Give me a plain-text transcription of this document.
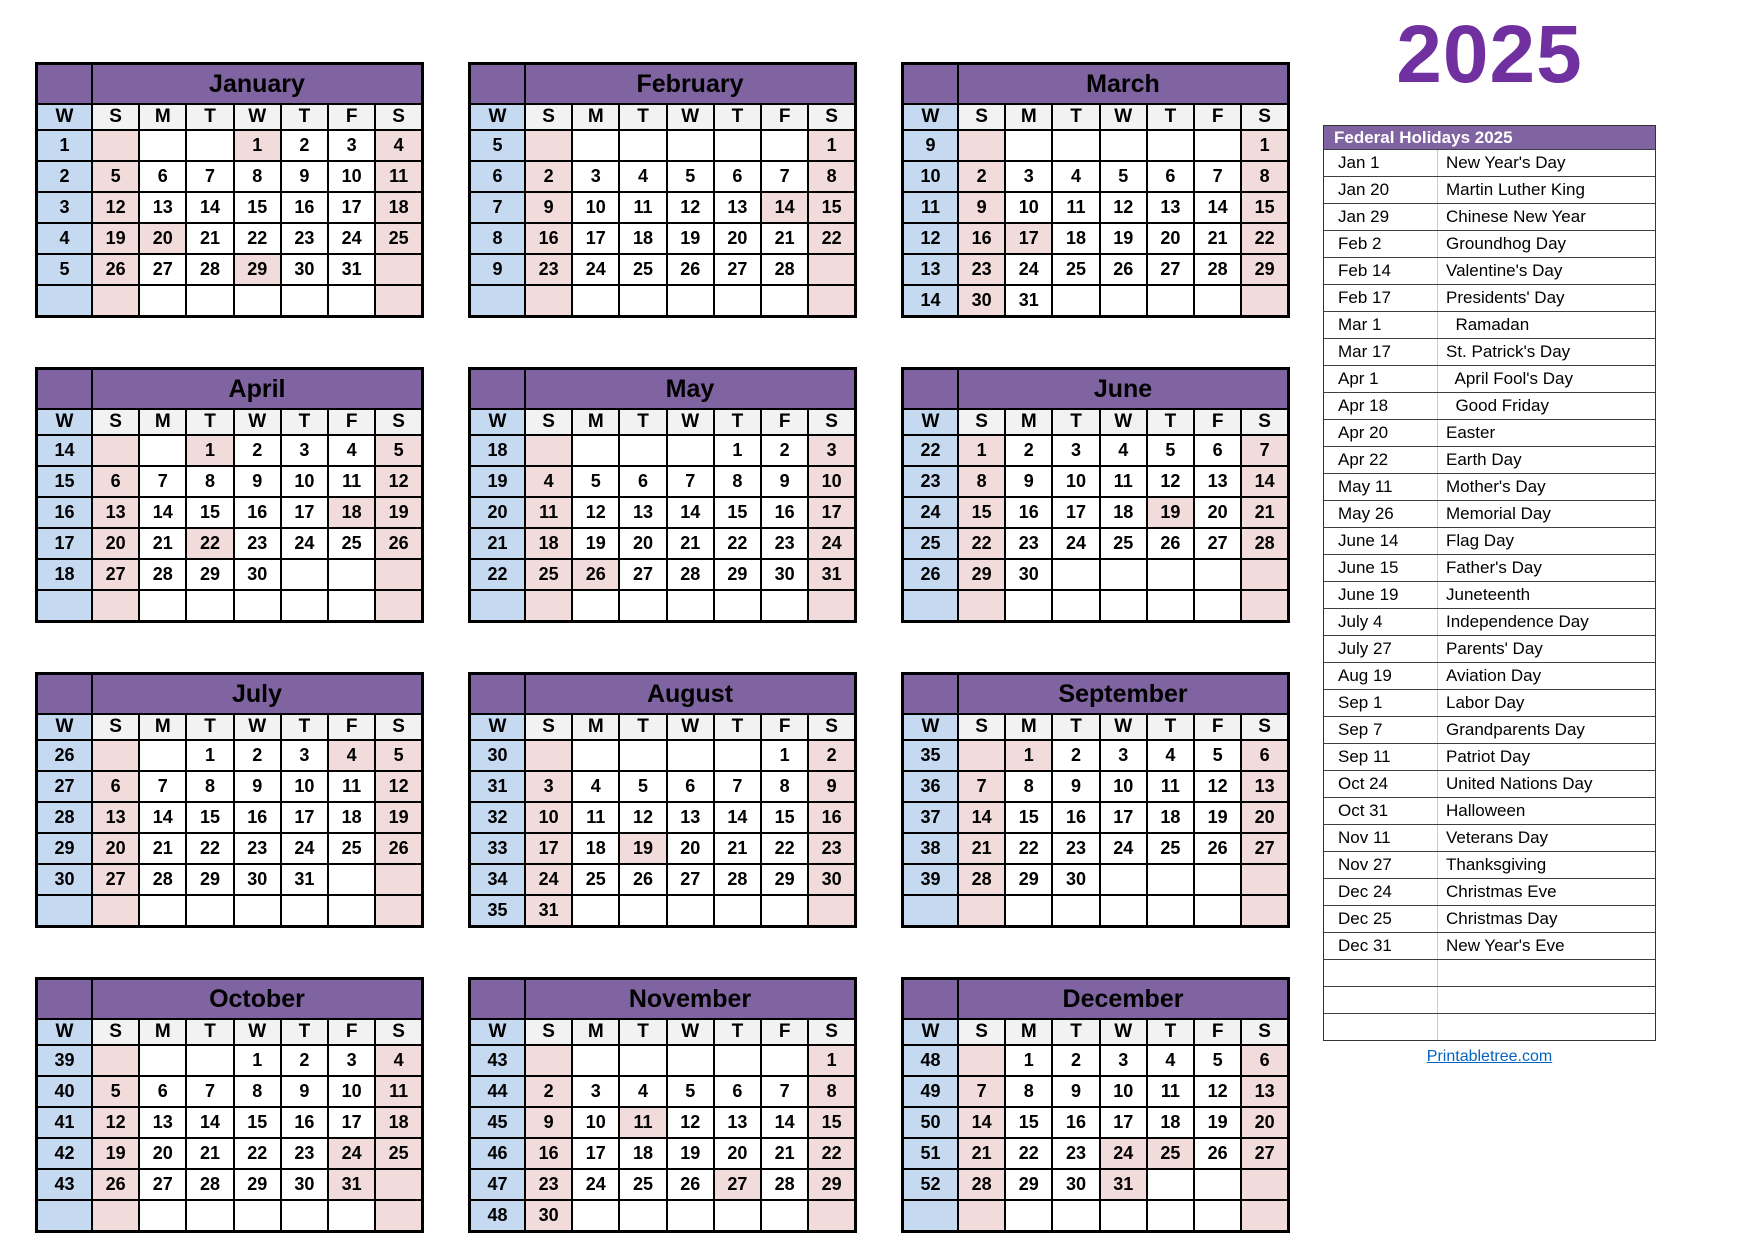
2025
	January						
W	S	M	T	W	T	F	S
1				1	2	3	4
2	5	6	7	8	9	10	11
3	12	13	14	15	16	17	18
4	19	20	21	22	23	24	25
5	26	27	28	29	30	31	

	February						
W	S	M	T	W	T	F	S
5							1
6	2	3	4	5	6	7	8
7	9	10	11	12	13	14	15
8	16	17	18	19	20	21	22
9	23	24	25	26	27	28	

	March						
W	S	M	T	W	T	F	S
9							1
10	2	3	4	5	6	7	8
11	9	10	11	12	13	14	15
12	16	17	18	19	20	21	22
13	23	24	25	26	27	28	29
14	30	31					
	April						
W	S	M	T	W	T	F	S
14			1	2	3	4	5
15	6	7	8	9	10	11	12
16	13	14	15	16	17	18	19
17	20	21	22	23	24	25	26
18	27	28	29	30			

	May						
W	S	M	T	W	T	F	S
18					1	2	3
19	4	5	6	7	8	9	10
20	11	12	13	14	15	16	17
21	18	19	20	21	22	23	24
22	25	26	27	28	29	30	31

	June						
W	S	M	T	W	T	F	S
22	1	2	3	4	5	6	7
23	8	9	10	11	12	13	14
24	15	16	17	18	19	20	21
25	22	23	24	25	26	27	28
26	29	30					

	July						
W	S	M	T	W	T	F	S
26			1	2	3	4	5
27	6	7	8	9	10	11	12
28	13	14	15	16	17	18	19
29	20	21	22	23	24	25	26
30	27	28	29	30	31		

	August						
W	S	M	T	W	T	F	S
30						1	2
31	3	4	5	6	7	8	9
32	10	11	12	13	14	15	16
33	17	18	19	20	21	22	23
34	24	25	26	27	28	29	30
35	31						
	September						
W	S	M	T	W	T	F	S
35		1	2	3	4	5	6
36	7	8	9	10	11	12	13
37	14	15	16	17	18	19	20
38	21	22	23	24	25	26	27
39	28	29	30				

	October						
W	S	M	T	W	T	F	S
39				1	2	3	4
40	5	6	7	8	9	10	11
41	12	13	14	15	16	17	18
42	19	20	21	22	23	24	25
43	26	27	28	29	30	31	

	November						
W	S	M	T	W	T	F	S
43							1
44	2	3	4	5	6	7	8
45	9	10	11	12	13	14	15
46	16	17	18	19	20	21	22
47	23	24	25	26	27	28	29
48	30						
	December						
W	S	M	T	W	T	F	S
48		1	2	3	4	5	6
49	7	8	9	10	11	12	13
50	14	15	16	17	18	19	20
51	21	22	23	24	25	26	27
52	28	29	30	31			

Federal Holidays 2025
Jan 1	New Year's Day
Jan 20	Martin Luther King
Jan 29	Chinese New Year
Feb 2	Groundhog Day
Feb 14	Valentine's Day
Feb 17	Presidents' Day
Mar 1	Ramadan
Mar 17	St. Patrick's Day
Apr 1	April Fool's Day
Apr 18	Good Friday
Apr 20	Easter
Apr 22	Earth Day
May 11	Mother's Day
May 26	Memorial Day
June 14	Flag Day
June 15	Father's Day
June 19	Juneteenth
July 4	Independence Day
July 27	Parents' Day
Aug 19	Aviation Day
Sep 1	Labor Day
Sep 7	Grandparents Day
Sep 11	Patriot Day
Oct 24	United Nations Day
Oct 31	Halloween
Nov 11	Veterans Day
Nov 27	Thanksgiving
Dec 24	Christmas Eve
Dec 25	Christmas Day
Dec 31	New Year's Eve
Printabletree.com
